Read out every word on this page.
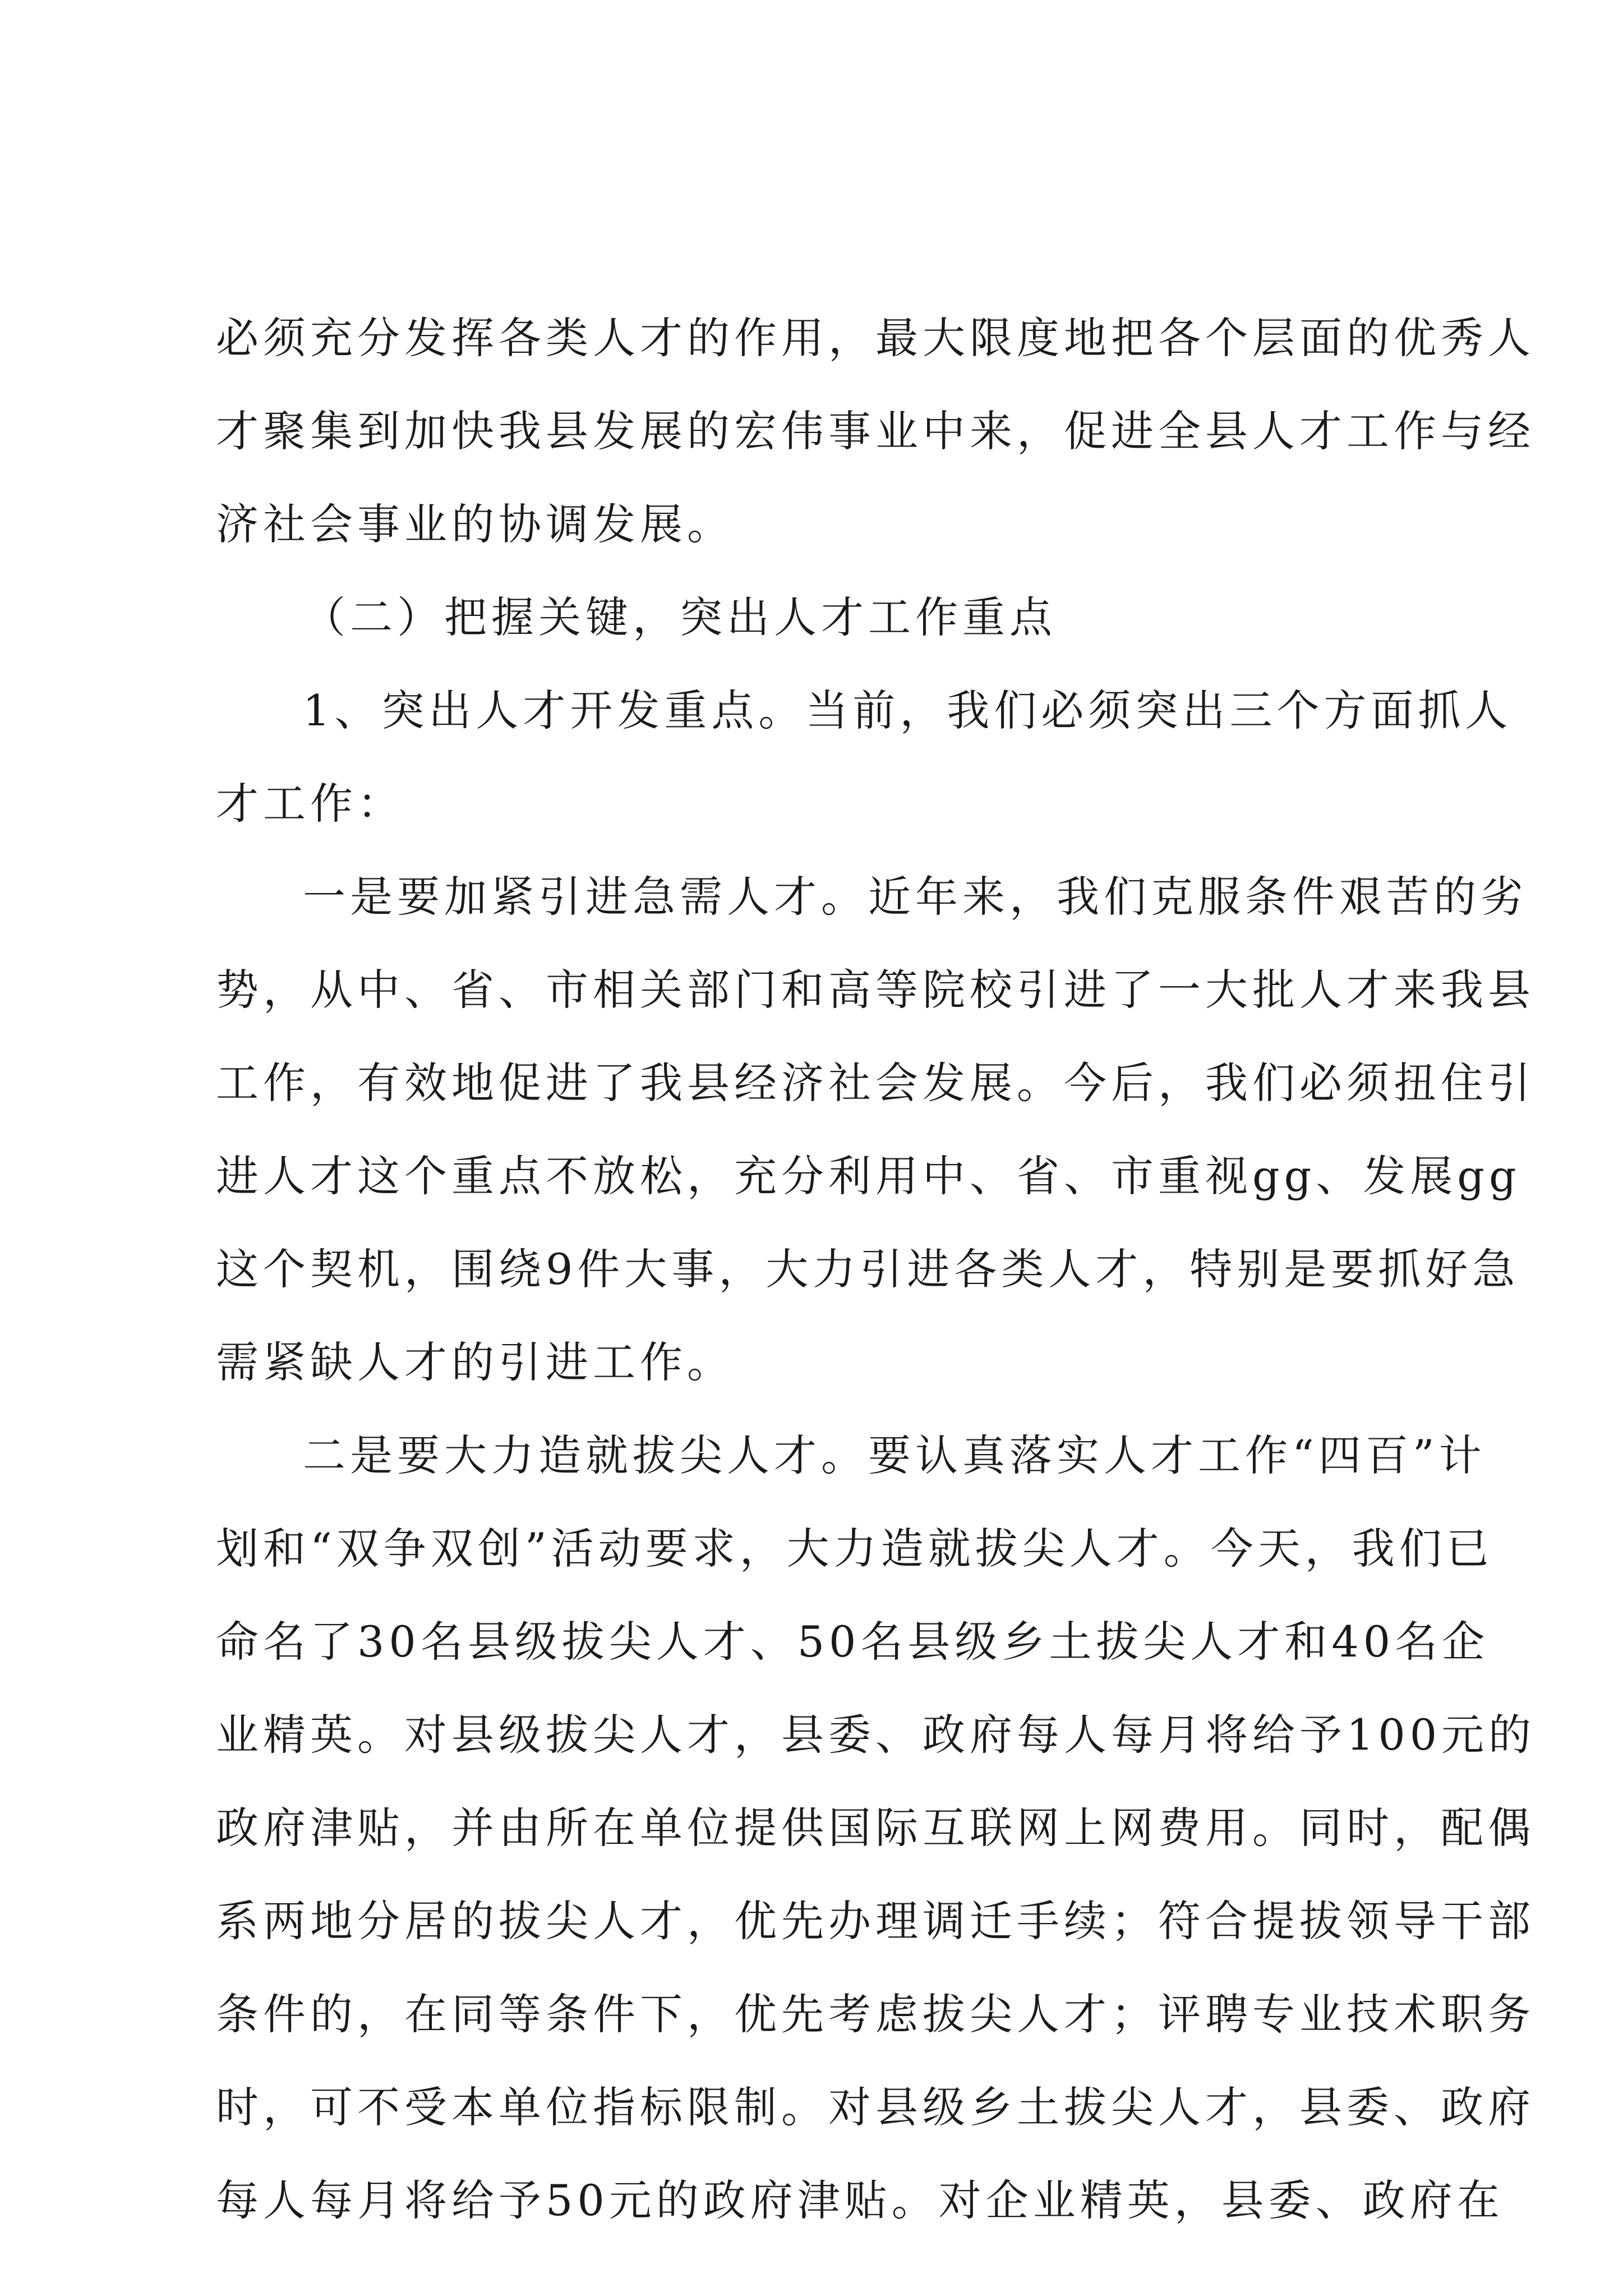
必须充分发挥各类人才的作用，最大限度地把各个层面的优秀人
才聚集到加快我县发展的宏伟事业中来，促进全县人才工作与经
济社会事业的协调发展。
（二）把握关键，突出人才工作重点
1、突出人才开发重点。当前，我们必须突出三个方面抓人
才工作：
一是要加紧引进急需人才。近年来，我们克服条件艰苦的劣
势，从中、省、市相关部门和高等院校引进了一大批人才来我县
工作，有效地促进了我县经济社会发展。今后，我们必须扭住引
进人才这个重点不放松，充分利用中、省、市重视gg、发展gg
这个契机，围绕9件大事，大力引进各类人才，特别是要抓好急
需紧缺人才的引进工作。
二是要大力造就拔尖人才。要认真落实人才工作“四百”计
划和“双争双创”活动要求，大力造就拔尖人才。今天，我们已
命名了30名县级拔尖人才、50名县级乡土拔尖人才和40名企
业精英。对县级拔尖人才，县委、政府每人每月将给予100元的
政府津贴，并由所在单位提供国际互联网上网费用。同时，配偶
系两地分居的拔尖人才，优先办理调迁手续；符合提拔领导干部
条件的，在同等条件下，优先考虑拔尖人才；评聘专业技术职务
时，可不受本单位指标限制。对县级乡土拔尖人才，县委、政府
每人每月将给予50元的政府津贴。对企业精英，县委、政府在
